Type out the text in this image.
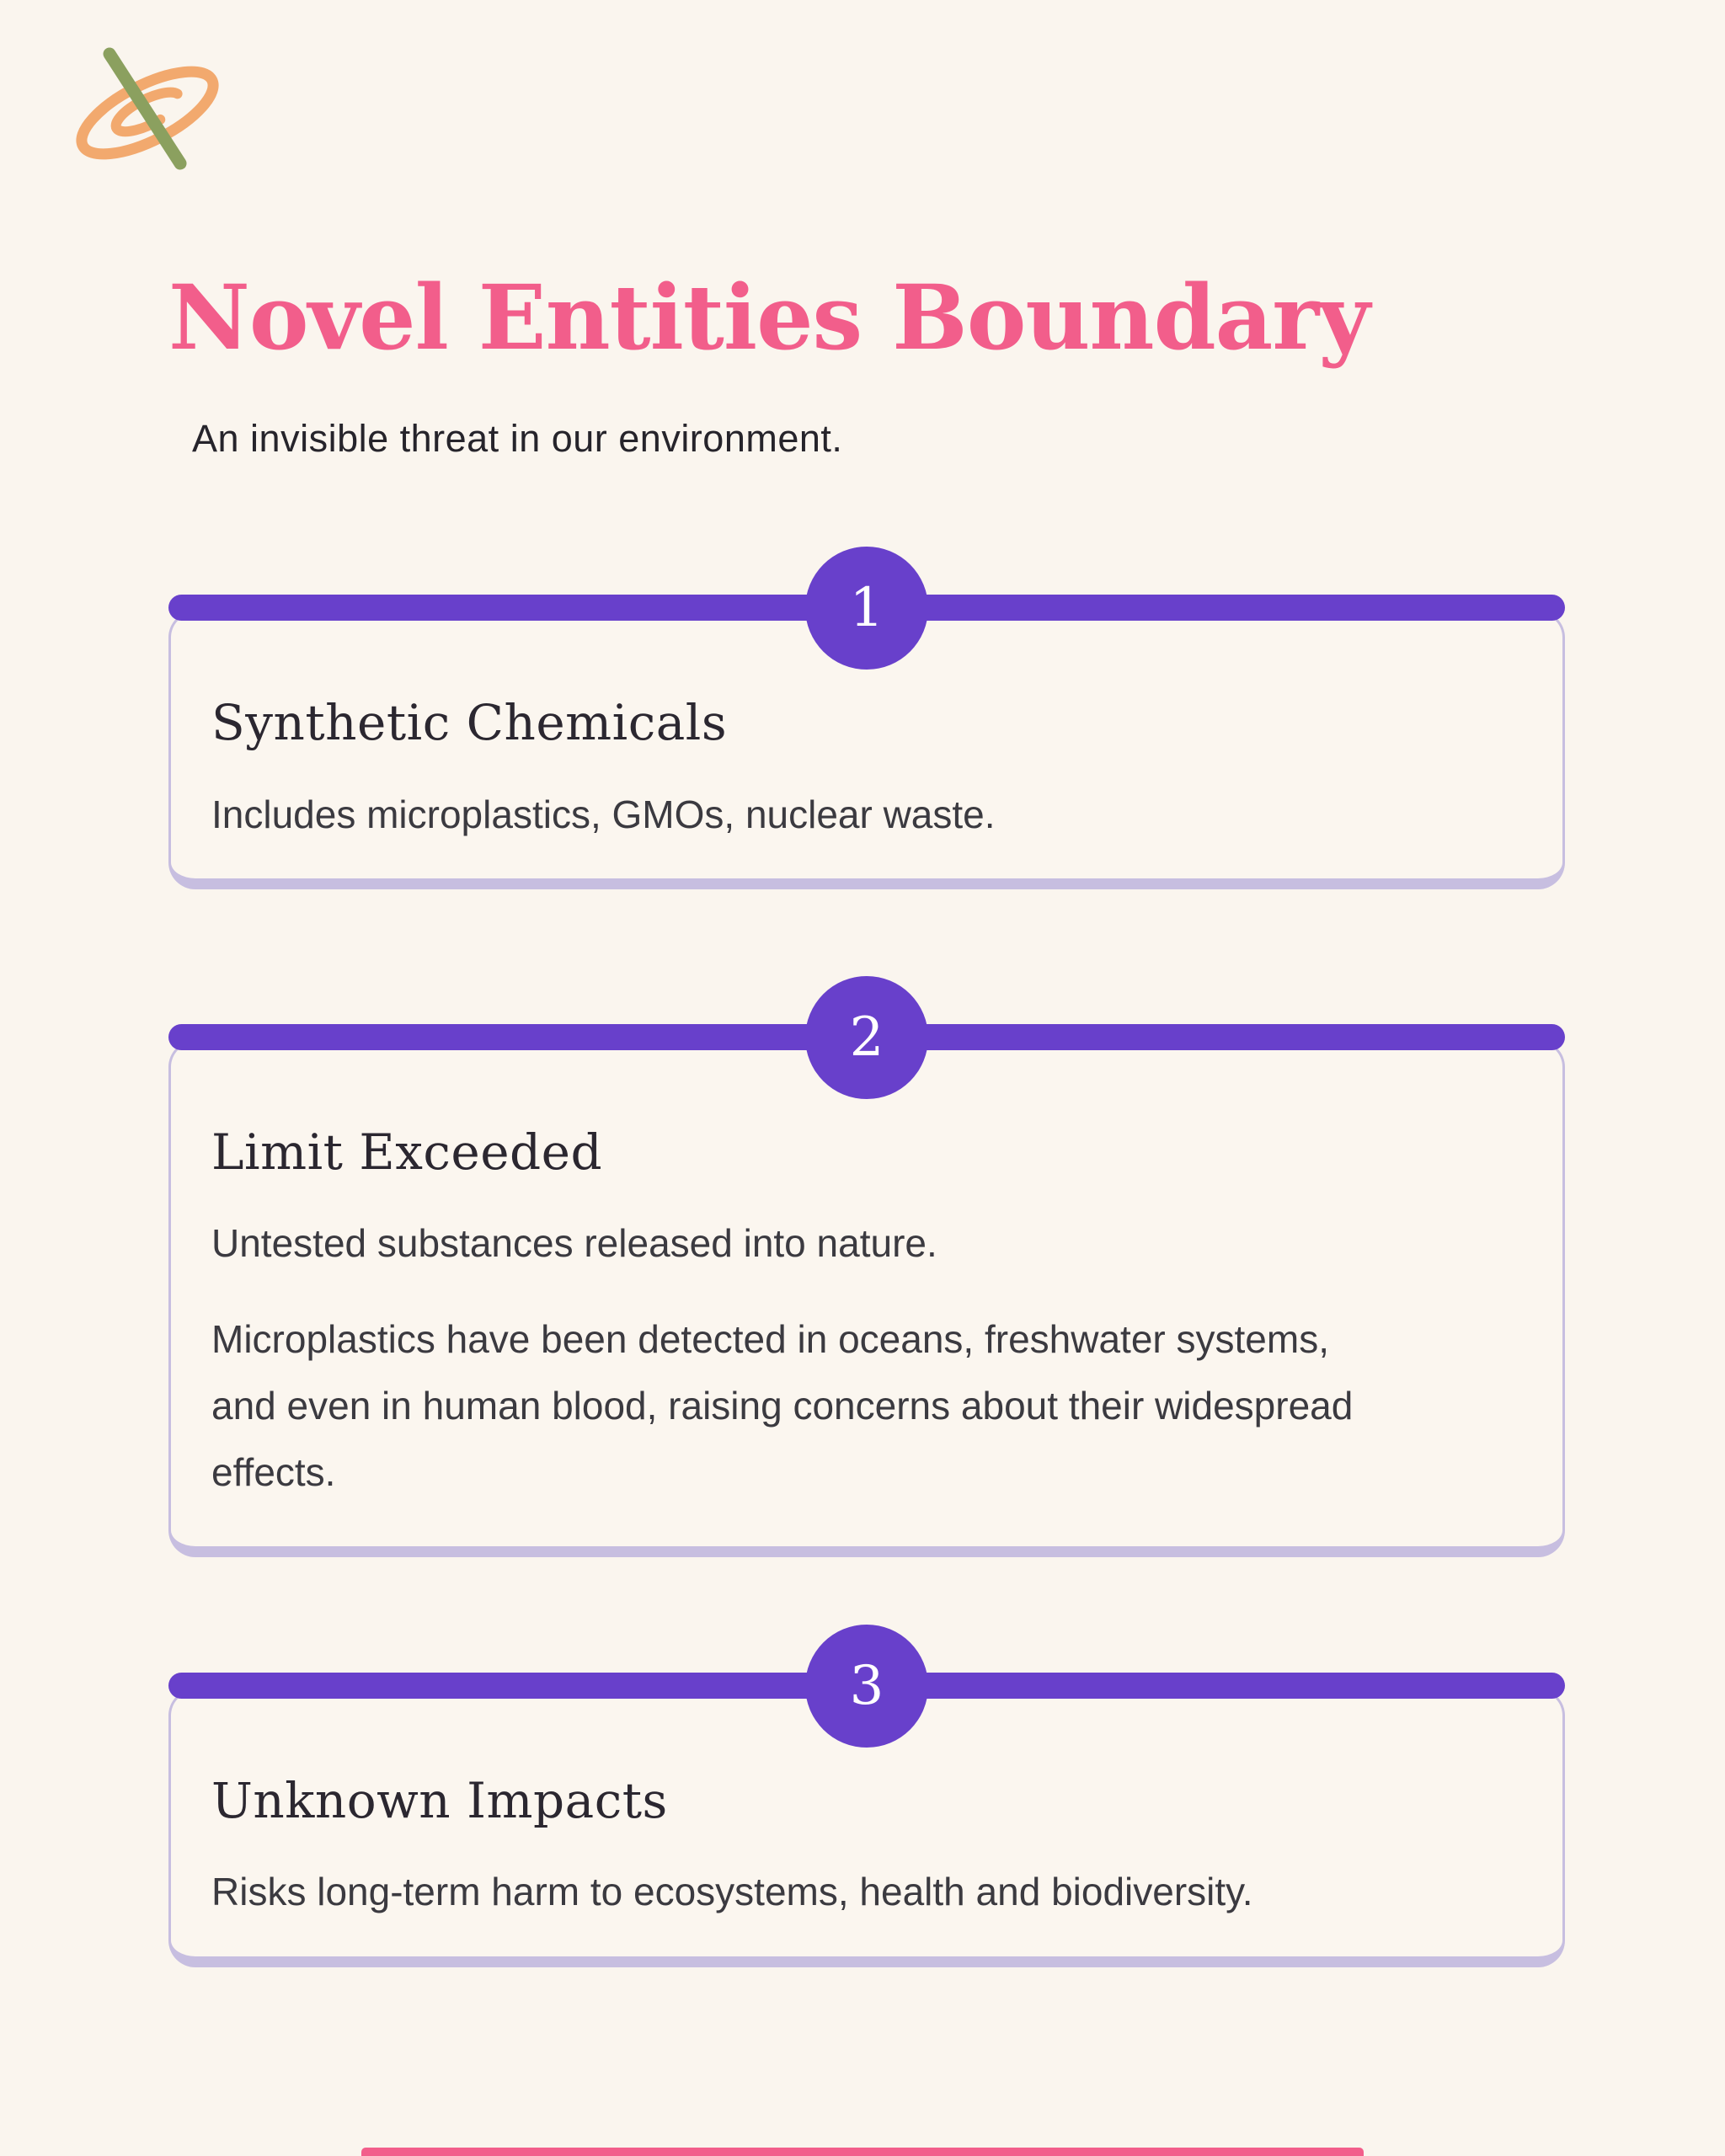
Novel Entities Boundary
An invisible threat in our environment.
1
Synthetic Chemicals

Includes microplastics, GMOs, nuclear waste.

2
Limit Exceeded

Untested substances released into nature.

Microplastics have been detected in oceans, freshwater systems, and even in human blood, raising concerns about their widespread effects.

3
Unknown Impacts

Risks long-term harm to ecosystems, health and biodiversity.
